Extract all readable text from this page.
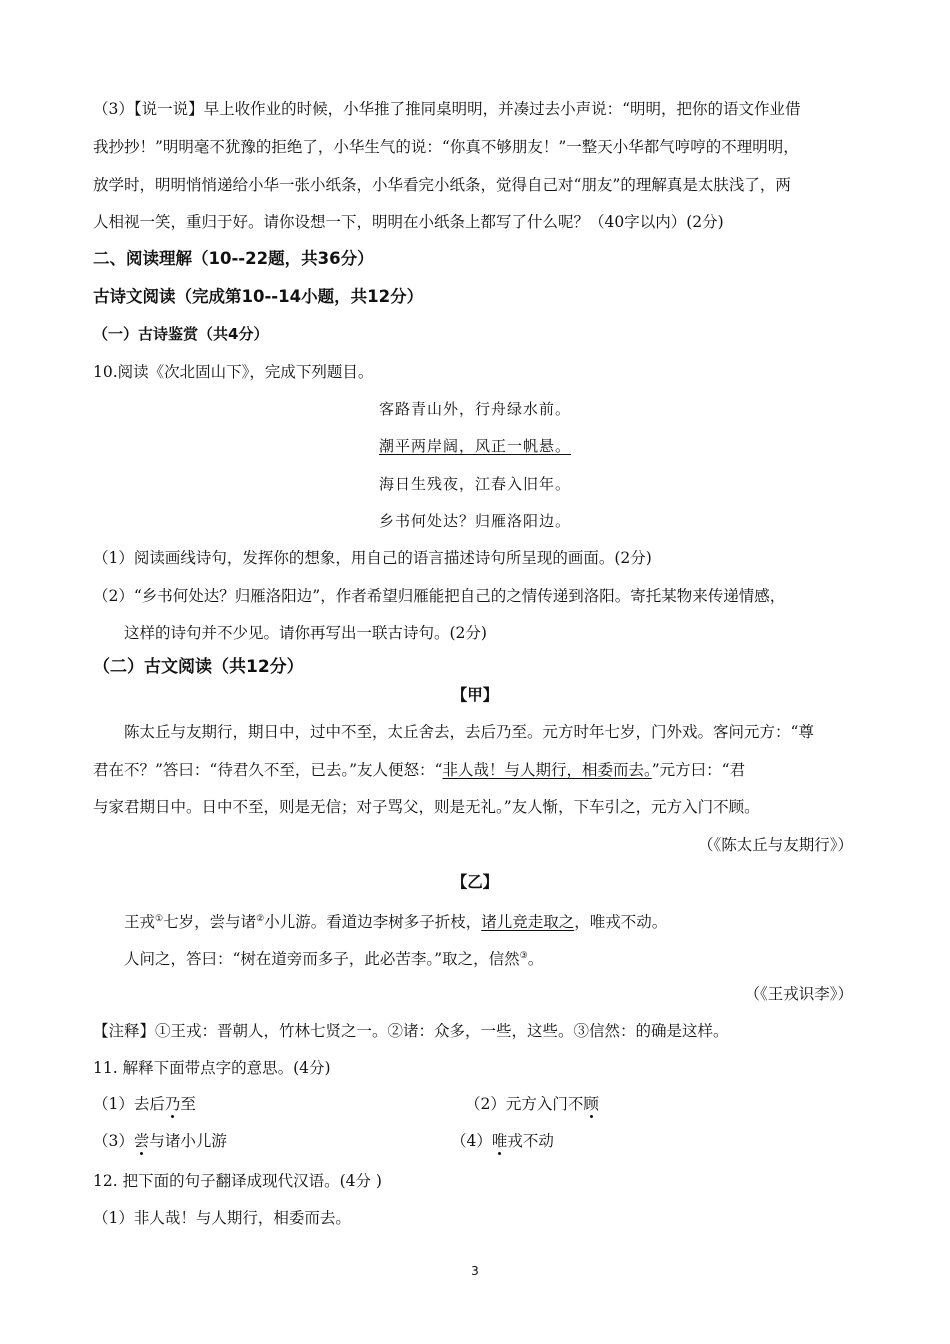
（3）【说一说】早上收作业的时候，小华推了推同桌明明，并凑过去小声说：“明明，把你的语文作业借
我抄抄！”明明毫不犹豫的拒绝了，小华生气的说：“你真不够朋友！”一整天小华都气哼哼的不理明明，
放学时，明明悄悄递给小华一张小纸条，小华看完小纸条，觉得自己对“朋友”的理解真是太肤浅了，两
人相视一笑，重归于好。请你设想一下，明明在小纸条上都写了什么呢？（40字以内）(2分)
二、阅读理解（10--22题，共36分）
古诗文阅读（完成第10--14小题，共12分）
（一）古诗鉴赏（共4分）
10.阅读《次北固山下》，完成下列题目。
客路青山外，行舟绿水前。
潮平两岸阔，风正一帆悬。
海日生残夜，江春入旧年。
乡书何处达？归雁洛阳边。
（1）阅读画线诗句，发挥你的想象，用自己的语言描述诗句所呈现的画面。(2分)
（2）“乡书何处达？归雁洛阳边”，作者希望归雁能把自己的之情传递到洛阳。寄托某物来传递情感，
这样的诗句并不少见。请你再写出一联古诗句。(2分)
（二）古文阅读（共12分）
【甲】
陈太丘与友期行，期日中，过中不至，太丘舍去，去后乃至。元方时年七岁，门外戏。客问元方：“尊
君在不？”答曰：“待君久不至，已去。”友人便怒：“非人哉！与人期行，相委而去。”元方曰：“君
与家君期日中。日中不至，则是无信；对子骂父，则是无礼。”友人惭，下车引之，元方入门不顾。
（《陈太丘与友期行》）
【乙】
王戎①七岁，尝与诸②小儿游。看道边李树多子折枝，诸儿竞走取之，唯戎不动。
人问之，答曰：“树在道旁而多子，此必苦李。”取之，信然③。
（《王戎识李》）
【注释】①王戎：晋朝人，竹林七贤之一。②诸：众多，一些，这些。③信然：的确是这样。
11. 解释下面带点字的意思。(4分)
（1）去后乃至	（2）元方入门不顾
（3）尝与诸小儿游	（4）唯戎不动
12. 把下面的句子翻译成现代汉语。(4分 )
（1）非人哉！与人期行，相委而去。
3
